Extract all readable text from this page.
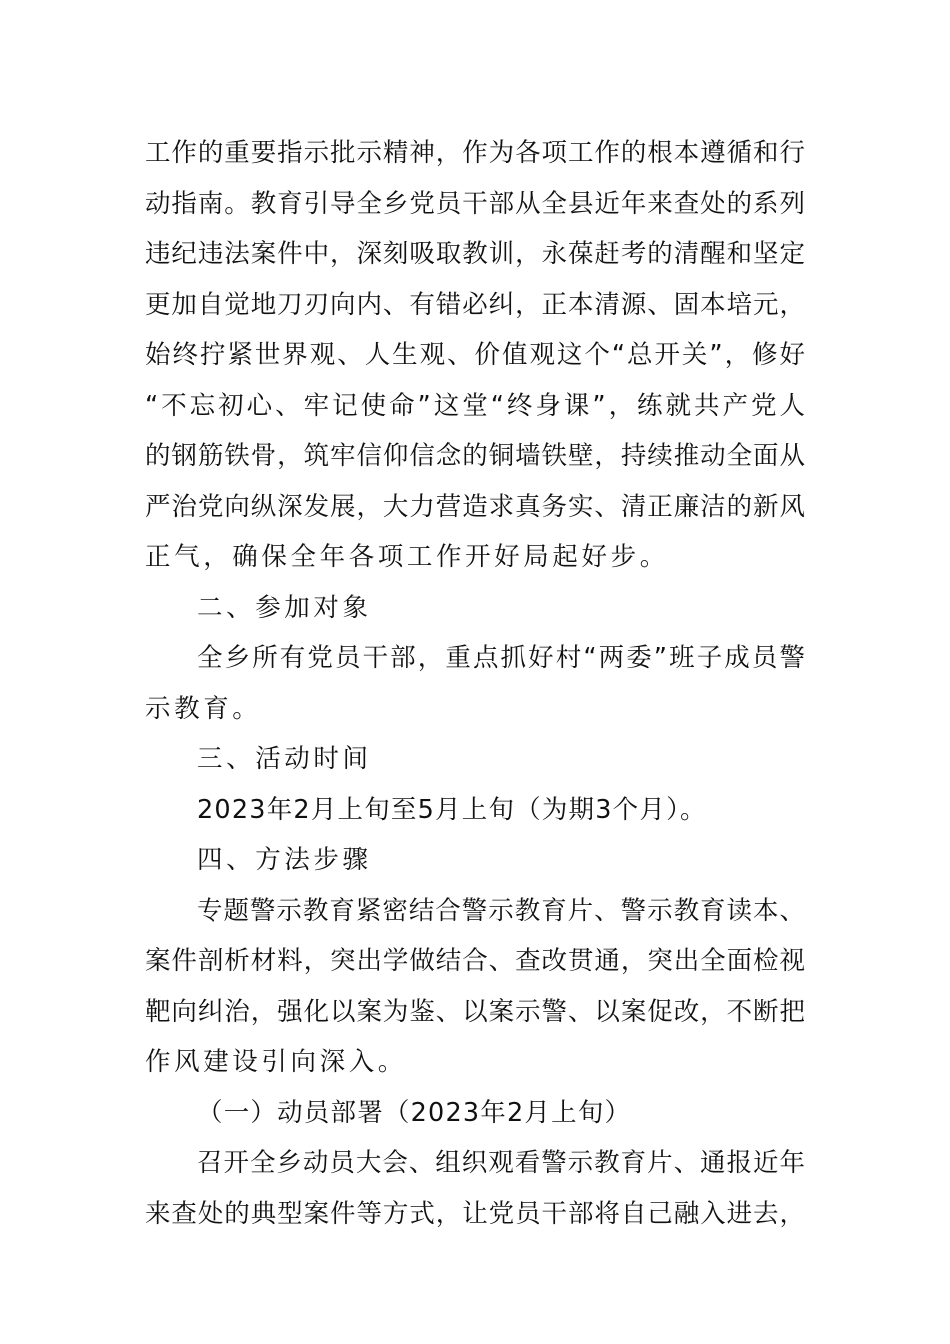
工作的重要指示批示精神，作为各项工作的根本遵循和行
动指南。教育引导全乡党员干部从全县近年来查处的系列
违纪违法案件中，深刻吸取教训，永葆赶考的清醒和坚定
更加自觉地刀刃向内、有错必纠，正本清源、固本培元，
始终拧紧世界观、人生观、价值观这个“总开关”，修好
“不忘初心、牢记使命”这堂“终身课”，练就共产党人
的钢筋铁骨，筑牢信仰信念的铜墙铁壁，持续推动全面从
严治党向纵深发展，大力营造求真务实、清正廉洁的新风
正气，确保全年各项工作开好局起好步。
二、参加对象
全乡所有党员干部，重点抓好村“两委”班子成员警
示教育。
三、活动时间
2023年2月上旬至5月上旬（为期3个月）。
四、方法步骤
专题警示教育紧密结合警示教育片、警示教育读本、
案件剖析材料，突出学做结合、查改贯通，突出全面检视
靶向纠治，强化以案为鉴、以案示警、以案促改，不断把
作风建设引向深入。
（一）动员部署（2023年2月上旬）
召开全乡动员大会、组织观看警示教育片、通报近年
来查处的典型案件等方式，让党员干部将自己融入进去，
